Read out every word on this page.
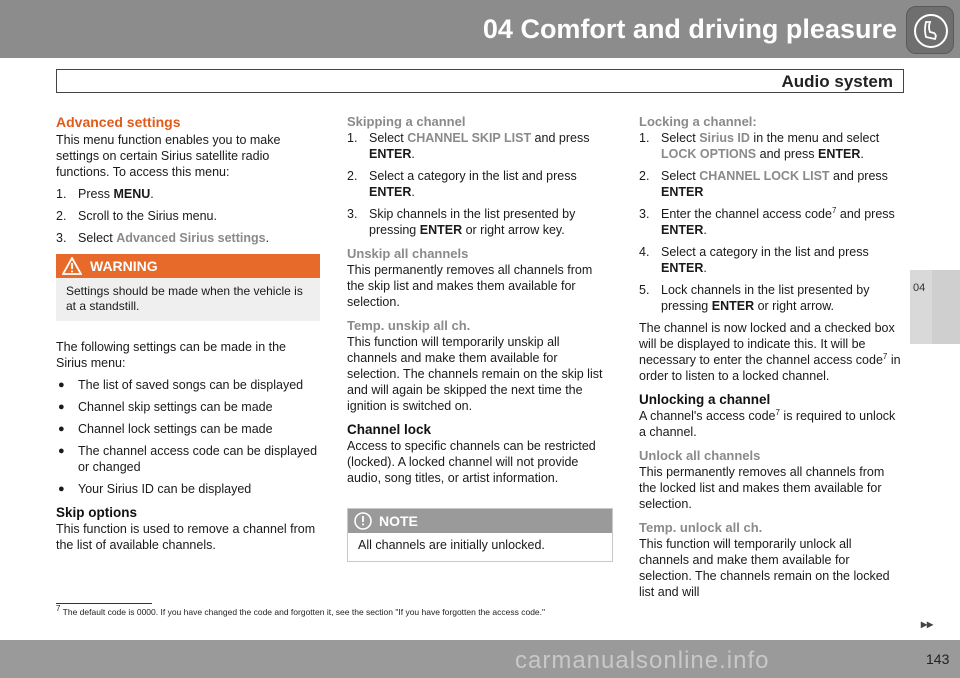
04 Comfort and driving pleasure
Audio system
04
Advanced settings

This menu function enables you to make settings on certain Sirius satellite radio functions. To access this menu:

1. Press MENU.
2. Scroll to the Sirius menu.
3. Select Advanced Sirius settings.
WARNING
Settings should be made when the vehicle is at a standstill.

The following settings can be made in the Sirius menu:

● The list of saved songs can be displayed
● Channel skip settings can be made
● Channel lock settings can be made
● The channel access code can be displayed or changed
● Your Sirius ID can be displayed
Skip options

This function is used to remove a channel from the list of available channels.

Skipping a channel
1. Select CHANNEL SKIP LIST and press ENTER.
2. Select a category in the list and press ENTER.
3. Skip channels in the list presented by pressing ENTER or right arrow key.
Unskip all channels

This permanently removes all channels from the skip list and makes them available for selection.

Temp. unskip all ch.

This function will temporarily unskip all channels and make them available for selection. The channels remain on the skip list and will again be skipped the next time the ignition is switched on.

Channel lock

Access to specific channels can be restricted (locked). A locked channel will not provide audio, song titles, or artist information.

NOTE
All channels are initially unlocked.
Locking a channel:
1. Select Sirius ID in the menu and select LOCK OPTIONS and press ENTER.
2. Select CHANNEL LOCK LIST and press ENTER
3. Enter the channel access code$^7$ and press ENTER.
4. Select a category in the list and press ENTER.
5. Lock channels in the list presented by pressing ENTER or right arrow.

The channel is now locked and a checked box will be displayed to indicate this. It will be necessary to enter the channel access code$^7$ in order to listen to a locked channel.

Unlocking a channel

A channel's access code$^7$ is required to unlock a channel.

Unlock all channels

This permanently removes all channels from the locked list and makes them available for selection.

Temp. unlock all ch.

This function will temporarily unlock all channels and make them available for selection. The channels remain on the locked list and will

7 The default code is 0000. If you have changed the code and forgotten it, see the section "If you have forgotten the access code."
carmanualsonline.info
▸▸
143
